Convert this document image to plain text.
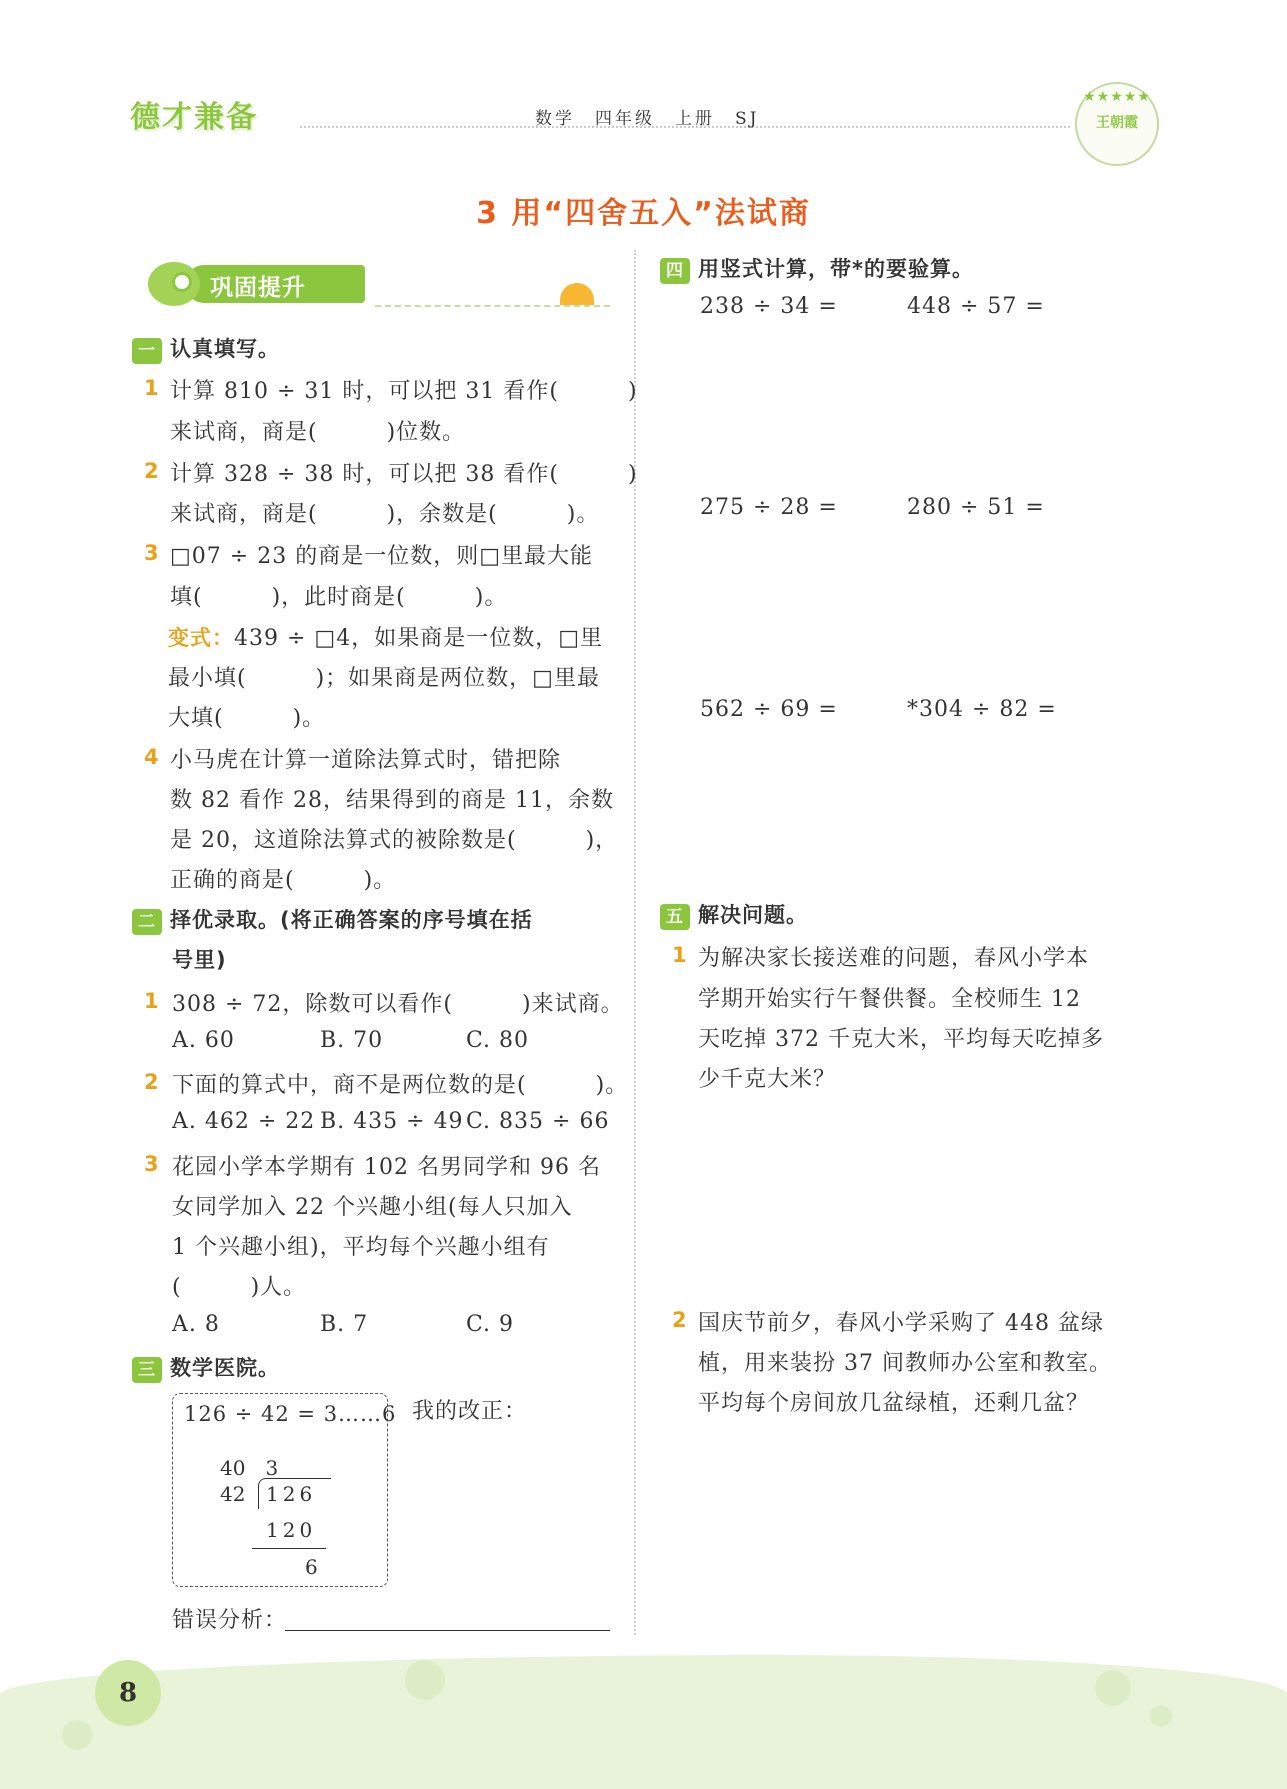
德才兼备	数学　四年级　上册　SJ
★★★★★
王朝霞
3 用“四舍五入”法试商
巩固提升
一 认真填写。
1 计算 810 ÷ 31 时，可以把 31 看作(　　　)
来试商，商是(　　　)位数。
2 计算 328 ÷ 38 时，可以把 38 看作(　　　)
来试商，商是(　　　)，余数是(　　　)。
3 □07 ÷ 23 的商是一位数，则□里最大能
填(　　　)，此时商是(　　　)。
变式：439 ÷ □4，如果商是一位数，□里
最小填(　　　)；如果商是两位数，□里最
大填(　　　)。
4 小马虎在计算一道除法算式时，错把除
数 82 看作 28，结果得到的商是 11，余数
是 20，这道除法算式的被除数是(　　　)，
正确的商是(　　　)。
二 择优录取。(将正确答案的序号填在括
号里)
1 308 ÷ 72，除数可以看作(　　　)来试商。
A. 60	B. 70	C. 80
2 下面的算式中，商不是两位数的是(　　　)。
A. 462 ÷ 22 B. 435 ÷ 49 C. 835 ÷ 66
3 花园小学本学期有 102 名男同学和 96 名
女同学加入 22 个兴趣小组(每人只加入
1 个兴趣小组)，平均每个兴趣小组有
(　　　)人。
A. 8	B. 7	C. 9
三 数学医院。
126 ÷ 42 = 3……6
40　3
42 126
120
6
我的改正：
错误分析：
四 用竖式计算，带*的要验算。
238 ÷ 34 =	448 ÷ 57 =
275 ÷ 28 =	280 ÷ 51 =
562 ÷ 69 =	*304 ÷ 82 =
五 解决问题。
1 为解决家长接送难的问题，春风小学本
学期开始实行午餐供餐。全校师生 12
天吃掉 372 千克大米，平均每天吃掉多
少千克大米？
2 国庆节前夕，春风小学采购了 448 盆绿
植，用来装扮 37 间教师办公室和教室。
平均每个房间放几盆绿植，还剩几盆？
8
